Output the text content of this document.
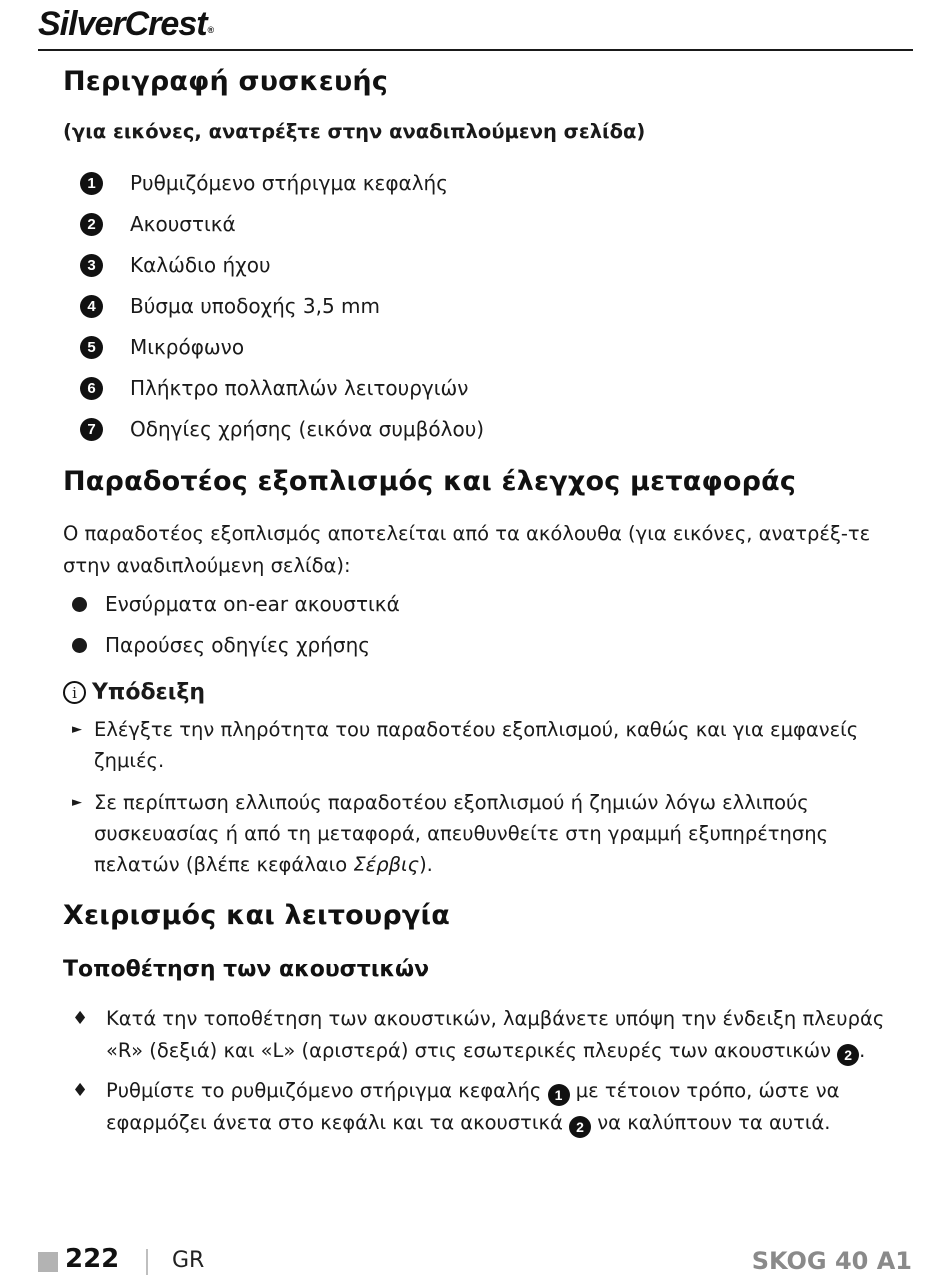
SilverCrest®
Περιγραφή συσκευής
(για εικόνες, ανατρέξτε στην αναδιπλούμενη σελίδα)
1	Ρυθμιζόμενο στήριγμα κεφαλής
2	Ακουστικά
3	Καλώδιο ήχου
4	Βύσμα υποδοχής 3,5 mm
5	Μικρόφωνο
6	Πλήκτρο πολλαπλών λειτουργιών
7	Οδηγίες χρήσης (εικόνα συμβόλου)
Παραδοτέος εξοπλισμός και έλεγχος μεταφοράς
Ο παραδοτέος εξοπλισμός αποτελείται από τα ακόλουθα (για εικόνες, ανατρέξ-τε στην αναδιπλούμενη σελίδα):
Ενσύρματα on-ear ακουστικά
Παρούσες οδηγίες χρήσης
i Υπόδειξη
► Ελέγξτε την πληρότητα του παραδοτέου εξοπλισμού, καθώς και για εμφανείς ζημιές.
► Σε περίπτωση ελλιπούς παραδοτέου εξοπλισμού ή ζημιών λόγω ελλιπούς συσκευασίας ή από τη μεταφορά, απευθυνθείτε στη γραμμή εξυπηρέτησης πελατών (βλέπε κεφάλαιο Σέρβις).
Χειρισμός και λειτουργία
Τοποθέτηση των ακουστικών
♦ Κατά την τοποθέτηση των ακουστικών, λαμβάνετε υπόψη την ένδειξη πλευράς «R» (δεξιά) και «L» (αριστερά) στις εσωτερικές πλευρές των ακουστικών 2 .
♦ Ρυθμίστε το ρυθμιζόμενο στήριγμα κεφαλής 1 με τέτοιον τρόπο, ώστε να εφαρμόζει άνετα στο κεφάλι και τα ακουστικά 2 να καλύπτουν τα αυτιά.
222 GR	SKOG 40 A1
